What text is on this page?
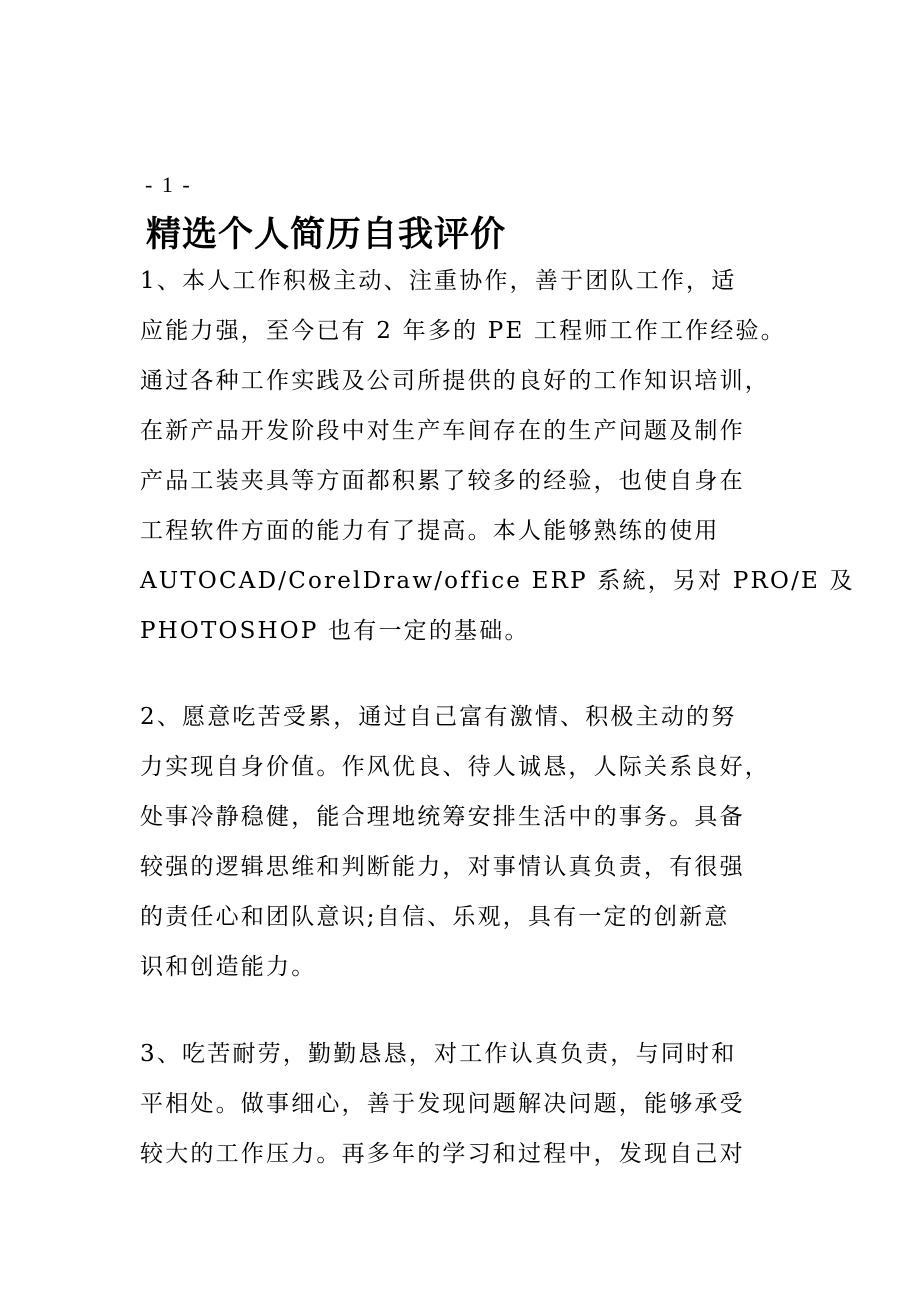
- 1 -
精选个人简历自我评价
1、本人工作积极主动、注重协作，善于团队工作，适
应能力强，至今已有 2 年多的 PE 工程师工作工作经验。
通过各种工作实践及公司所提供的良好的工作知识培训，
在新产品开发阶段中对生产车间存在的生产问题及制作
产品工装夹具等方面都积累了较多的经验，也使自身在
工程软件方面的能力有了提高。本人能够熟练的使用
AUTOCAD/CorelDraw/office ERP 系統，另对 PRO/E 及
PHOTOSHOP 也有一定的基础。
2、愿意吃苦受累，通过自己富有激情、积极主动的努
力实现自身价值。作风优良、待人诚恳，人际关系良好，
处事冷静稳健，能合理地统筹安排生活中的事务。具备
较强的逻辑思维和判断能力，对事情认真负责，有很强
的责任心和团队意识;自信、乐观，具有一定的创新意
识和创造能力。
3、吃苦耐劳，勤勤恳恳，对工作认真负责，与同时和
平相处。做事细心，善于发现问题解决问题，能够承受
较大的工作压力。再多年的学习和过程中，发现自己对
